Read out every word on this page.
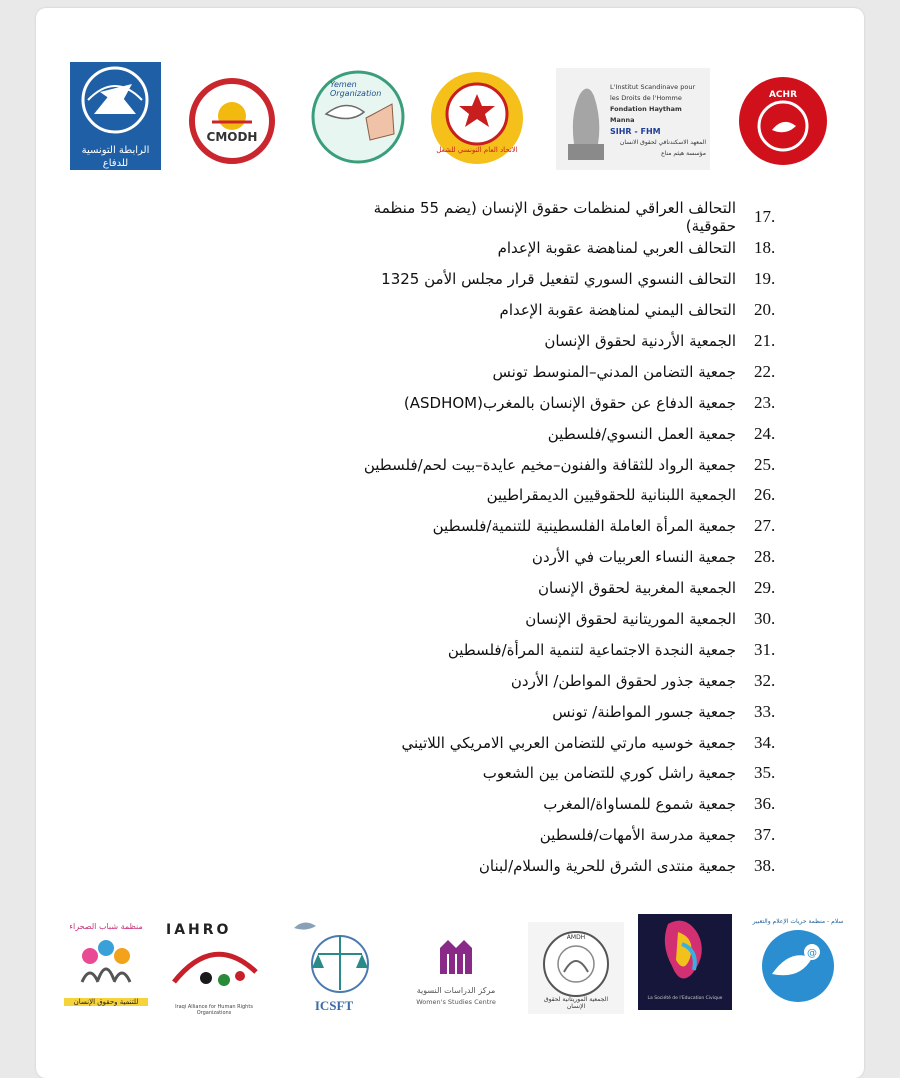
الرابطة التونسية للدفاع
على حقوق الإنسان
CMODH
Yemen Organization
الاتحاد العام التونسي للشغل
L'Institut Scandinave pour les Droits de l'Homme
Fondation Haytham Manna
SIHR - FHM
المعهد الاسكندنافي لحقوق الانسان مؤسسة هيثم مناع
ACHR
17.
التحالف العراقي لمنظمات حقوق الإنسان (يضم 55 منظمة حقوقية)
18.
التحالف العربي لمناهضة عقوبة الإعدام
19.
التحالف النسوي السوري لتفعيل قرار مجلس الأمن 1325
20.
التحالف اليمني لمناهضة عقوبة الإعدام
21.
الجمعية الأردنية لحقوق الإنسان
22.
جمعية التضامن المدني–المنوسط تونس
23.
جمعية الدفاع عن حقوق الإنسان بالمغرب(ASDHOM)
24.
جمعية العمل النسوي/فلسطين
25.
جمعية الرواد للثقافة والفنون–مخيم عايدة–بيت لحم/فلسطين
26.
الجمعية اللبنانية للحقوقيين الديمقراطيين
27.
جمعية المرأة العاملة الفلسطينية للتنمية/فلسطين
28.
جمعية النساء العربيات في الأردن
29.
الجمعية المغربية لحقوق الإنسان
30.
الجمعية الموريتانية لحقوق الإنسان
31.
جمعية النجدة الاجتماعية لتنمية المرأة/فلسطين
32.
جمعية جذور لحقوق المواطن/ الأردن
33.
جمعية جسور المواطنة/ تونس
34.
جمعية خوسيه مارتي للتضامن العربي الامريكي اللاتيني
35.
جمعية راشل كوري للتضامن بين الشعوب
36.
جمعية شموع للمساواة/المغرب
37.
جمعية مدرسة الأمهات/فلسطين
38.
جمعية منتدى الشرق للحرية والسلام/لبنان
منظمة شباب الصحراء
للتنمية وحقوق الإنسان
IAHRO
Iraqi Alliance for Human Rights Organizations	ICSFT
مركز الدراسات النسوية
Women's Studies Centre
AMDH
الجمعية الموريتانية لحقوق الإنسان
La Société de l'Education Civique
@
سلام - منظمة حريات الإعلام والتعبير
